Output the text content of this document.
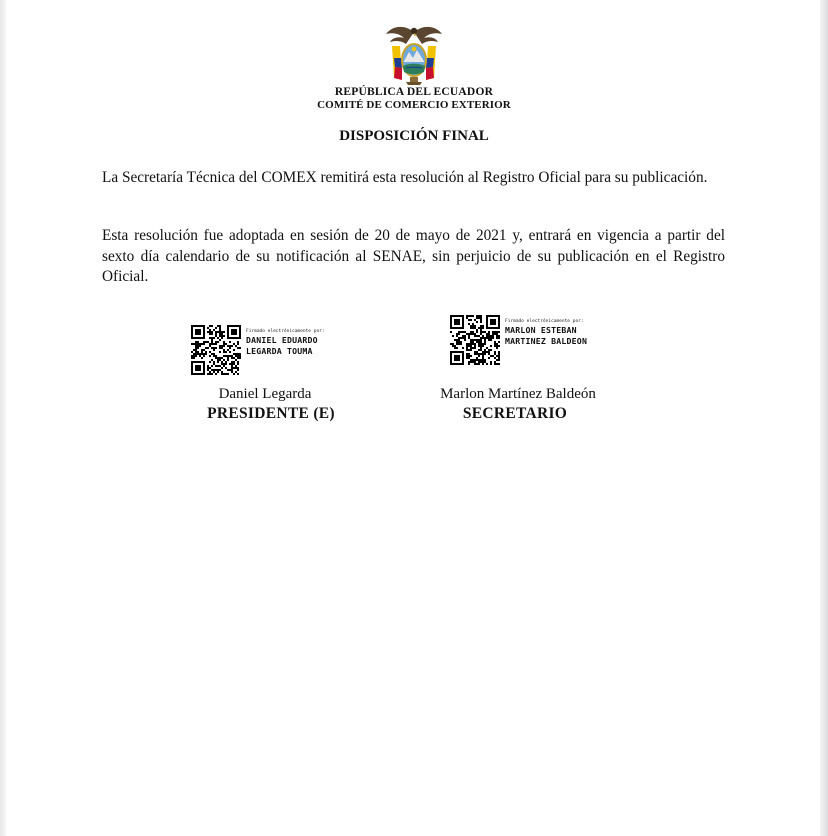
REPÚBLICA DEL ECUADOR
COMITÉ DE COMERCIO EXTERIOR
DISPOSICIÓN FINAL
La Secretaría Técnica del COMEX remitirá esta resolución al Registro Oficial para su publicación.
Esta resolución fue adoptada en sesión de 20 de mayo de 2021 y, entrará en vigencia a partir del sexto día calendario de su notificación al SENAE, sin perjuicio de su publicación en el Registro Oficial.
Firmado electrónicamente por:
DANIEL EDUARDO
LEGARDA TOUMA
Daniel Legarda
PRESIDENTE (E)
Firmado electrónicamente por:
MARLON ESTEBAN
MARTINEZ BALDEON
Marlon Martínez Baldeón
SECRETARIO
